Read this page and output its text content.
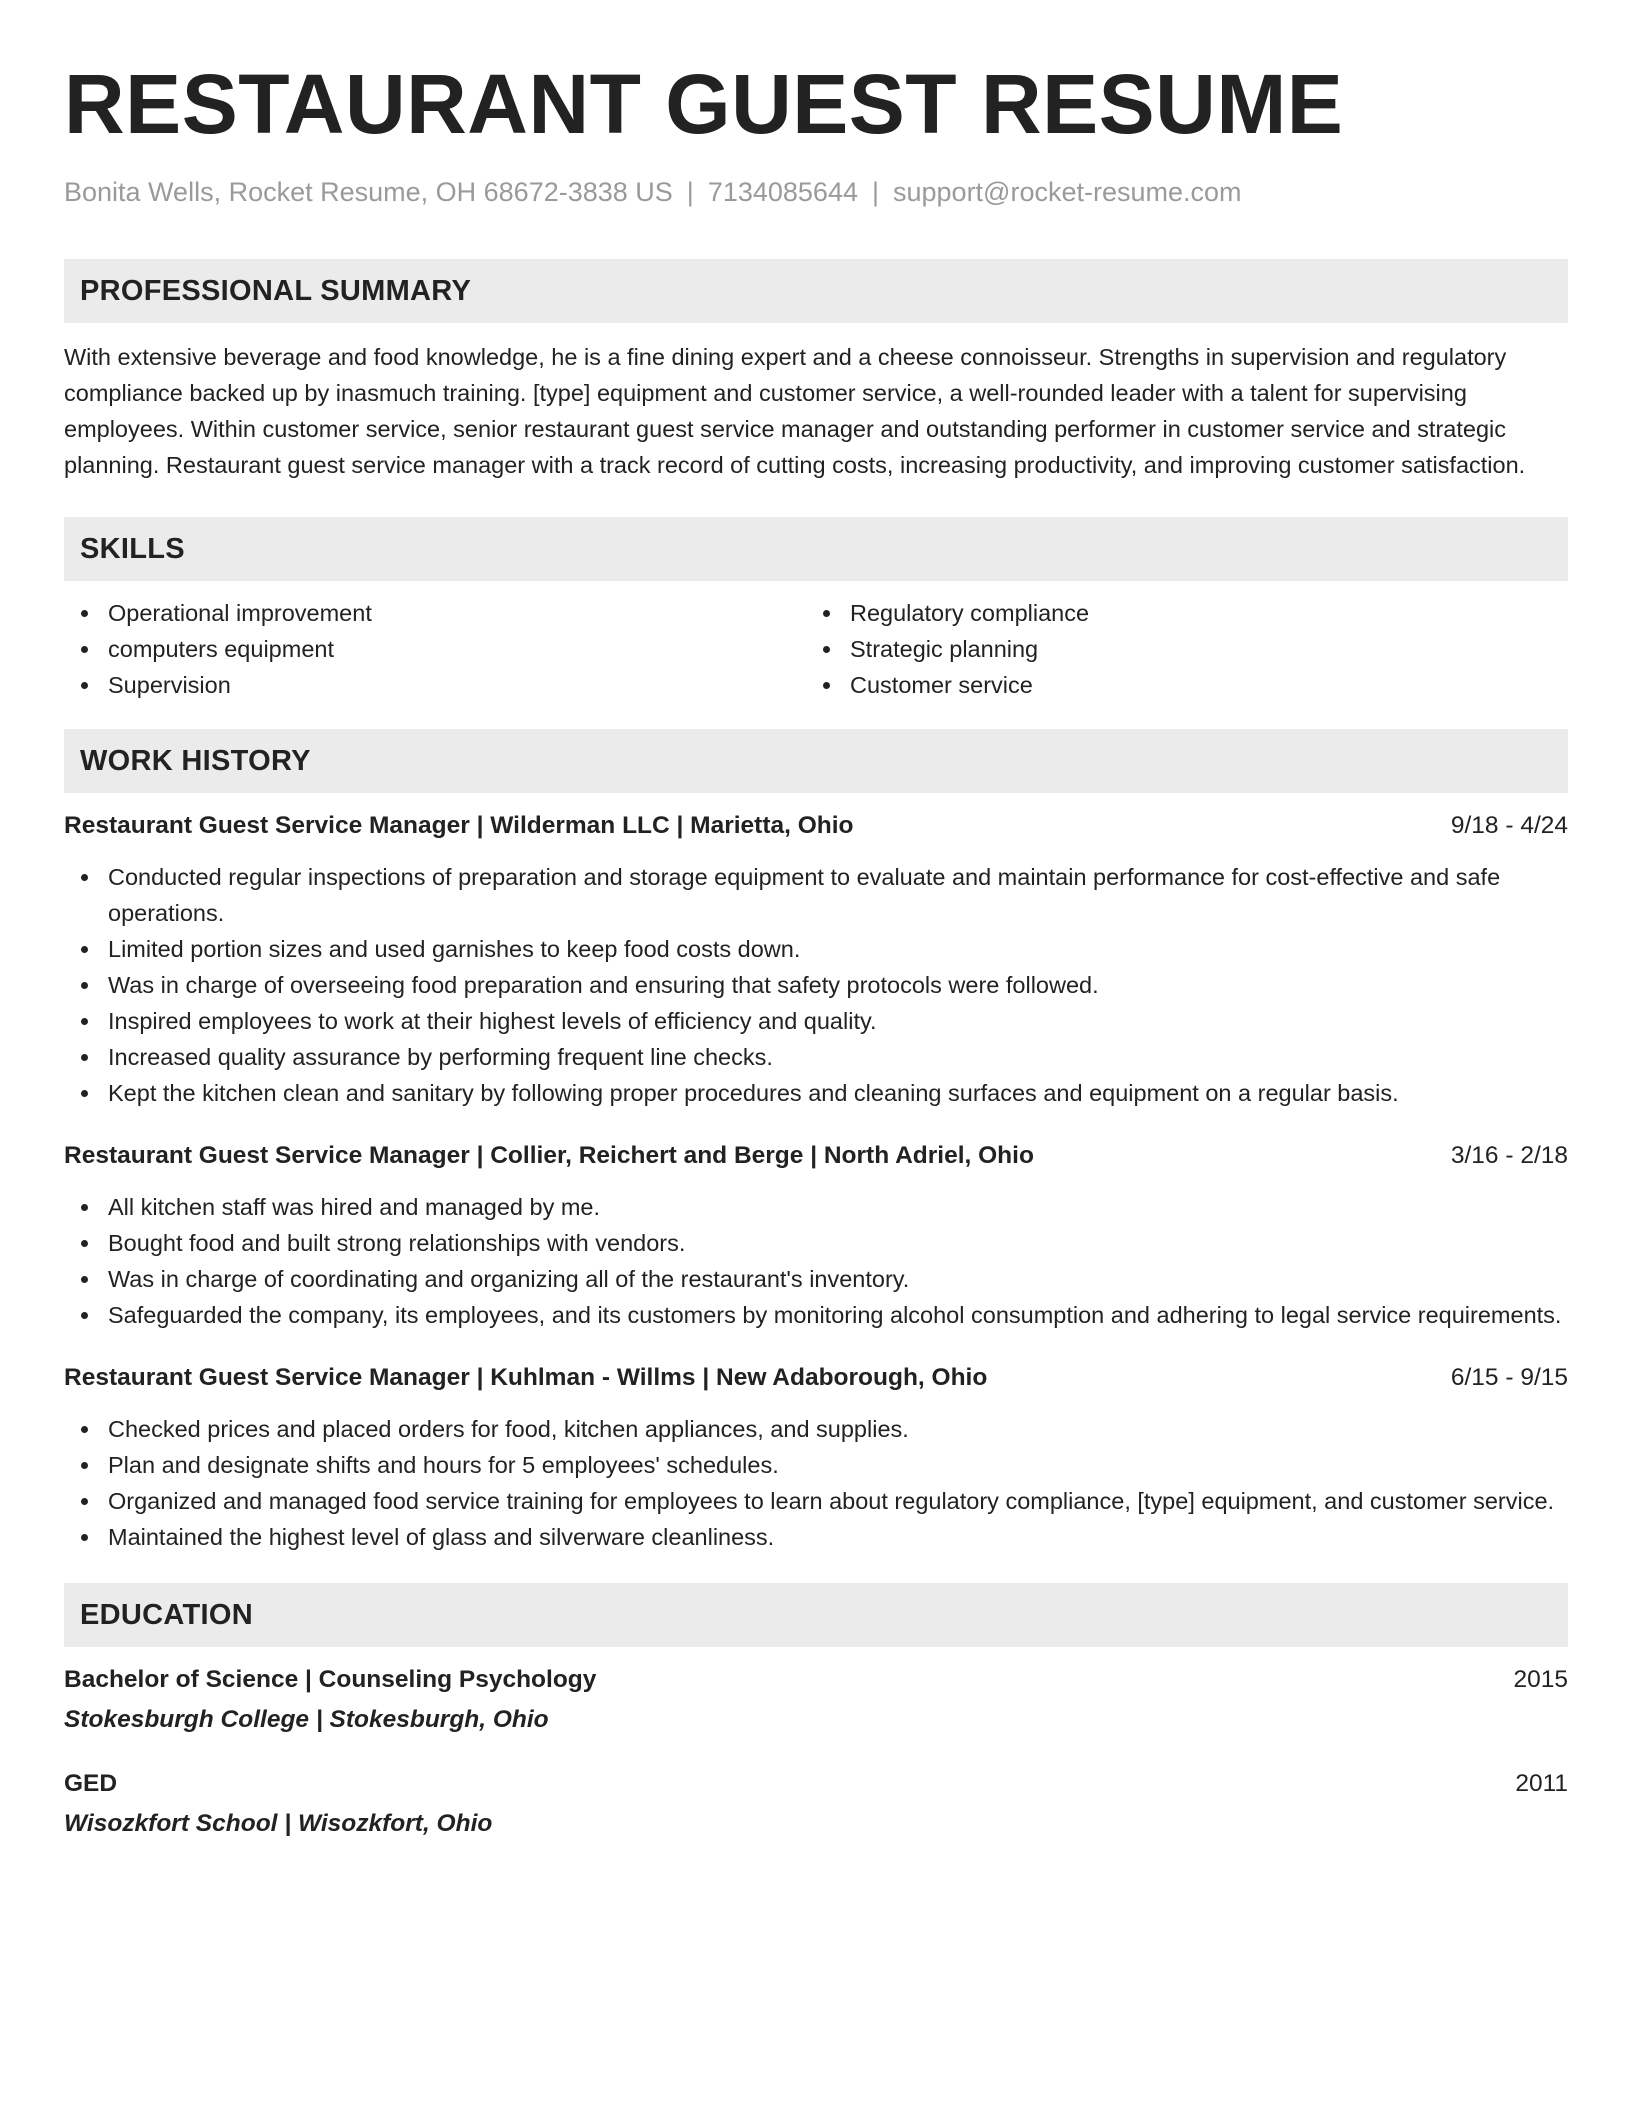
RESTAURANT GUEST RESUME
Bonita Wells, Rocket Resume, OH 68672-3838 US | 7134085644 | support@rocket-resume.com
PROFESSIONAL SUMMARY
With extensive beverage and food knowledge, he is a fine dining expert and a cheese connoisseur. Strengths in supervision and regulatory compliance backed up by inasmuch training. [type] equipment and customer service, a well-rounded leader with a talent for supervising employees. Within customer service, senior restaurant guest service manager and outstanding performer in customer service and strategic planning. Restaurant guest service manager with a track record of cutting costs, increasing productivity, and improving customer satisfaction.
SKILLS
Operational improvement
computers equipment
Supervision
Regulatory compliance
Strategic planning
Customer service
WORK HISTORY
Restaurant Guest Service Manager | Wilderman LLC | Marietta, Ohio	9/18 - 4/24
Conducted regular inspections of preparation and storage equipment to evaluate and maintain performance for cost-effective and safe operations.
Limited portion sizes and used garnishes to keep food costs down.
Was in charge of overseeing food preparation and ensuring that safety protocols were followed.
Inspired employees to work at their highest levels of efficiency and quality.
Increased quality assurance by performing frequent line checks.
Kept the kitchen clean and sanitary by following proper procedures and cleaning surfaces and equipment on a regular basis.
Restaurant Guest Service Manager | Collier, Reichert and Berge | North Adriel, Ohio	3/16 - 2/18
All kitchen staff was hired and managed by me.
Bought food and built strong relationships with vendors.
Was in charge of coordinating and organizing all of the restaurant's inventory.
Safeguarded the company, its employees, and its customers by monitoring alcohol consumption and adhering to legal service requirements.
Restaurant Guest Service Manager | Kuhlman - Willms | New Adaborough, Ohio	6/15 - 9/15
Checked prices and placed orders for food, kitchen appliances, and supplies.
Plan and designate shifts and hours for 5 employees' schedules.
Organized and managed food service training for employees to learn about regulatory compliance, [type] equipment, and customer service.
Maintained the highest level of glass and silverware cleanliness.
EDUCATION
Bachelor of Science | Counseling Psychology	2015
Stokesburgh College | Stokesburgh, Ohio
GED	2011
Wisozkfort School | Wisozkfort, Ohio
